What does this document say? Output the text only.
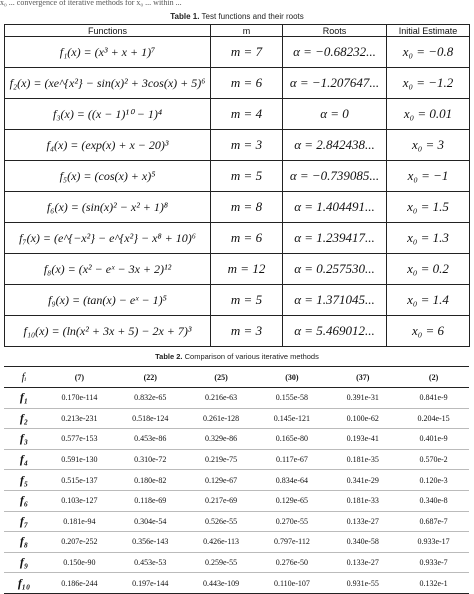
x₀ ... convergence of iterative methods for x₀ ... within ...
Table 1. Test functions and their roots
Functions	m	Roots	Initial Estimate
f₁(x) = (x³ + x + 1)⁷	m = 7	α = −0.68232...	x₀ = −0.8
f₂(x) = (xe^{x²} − sin(x)² + 3cos(x) + 5)⁶	m = 6	α = −1.207647...	x₀ = −1.2
f₃(x) = ((x − 1)¹⁰ − 1)⁴	m = 4	α = 0	x₀ = 0.01
f₄(x) = (exp(x) + x − 20)³	m = 3	α = 2.842438...	x₀ = 3
f₅(x) = (cos(x) + x)⁵	m = 5	α = −0.739085...	x₀ = −1
f₆(x) = (sin(x)² − x² + 1)⁸	m = 8	α = 1.404491...	x₀ = 1.5
f₇(x) = (e^{−x²} − e^{x²} − x⁸ + 10)⁶	m = 6	α = 1.239417...	x₀ = 1.3
f₈(x) = (x² − eˣ − 3x + 2)¹²	m = 12	α = 0.257530...	x₀ = 0.2
f₉(x) = (tan(x) − eˣ − 1)⁵	m = 5	α = 1.371045...	x₀ = 1.4
f₁₀(x) = (ln(x² + 3x + 5) − 2x + 7)³	m = 3	α = 5.469012...	x₀ = 6
Table 2. Comparison of various iterative methods
fᵢ	(7)	(22)	(25)	(30)	(37)	(2)
f₁	0.170e-114	0.832e-65	0.216e-63	0.155e-58	0.391e-31	0.841e-9
f₂	0.213e-231	0.518e-124	0.261e-128	0.145e-121	0.100e-62	0.204e-15
f₃	0.577e-153	0.453e-86	0.329e-86	0.165e-80	0.193e-41	0.401e-9
f₄	0.591e-130	0.310e-72	0.219e-75	0.117e-67	0.181e-35	0.570e-2
f₅	0.515e-137	0.180e-82	0.129e-67	0.834e-64	0.341e-29	0.120e-3
f₆	0.103e-127	0.118e-69	0.217e-69	0.129e-65	0.181e-33	0.340e-8
f₇	0.181e-94	0.304e-54	0.526e-55	0.270e-55	0.133e-27	0.687e-7
f₈	0.207e-252	0.356e-143	0.426e-113	0.797e-112	0.340e-58	0.933e-17
f₉	0.150e-90	0.453e-53	0.259e-55	0.276e-50	0.133e-27	0.933e-7
f₁₀	0.186e-244	0.197e-144	0.443e-109	0.110e-107	0.931e-55	0.132e-1
